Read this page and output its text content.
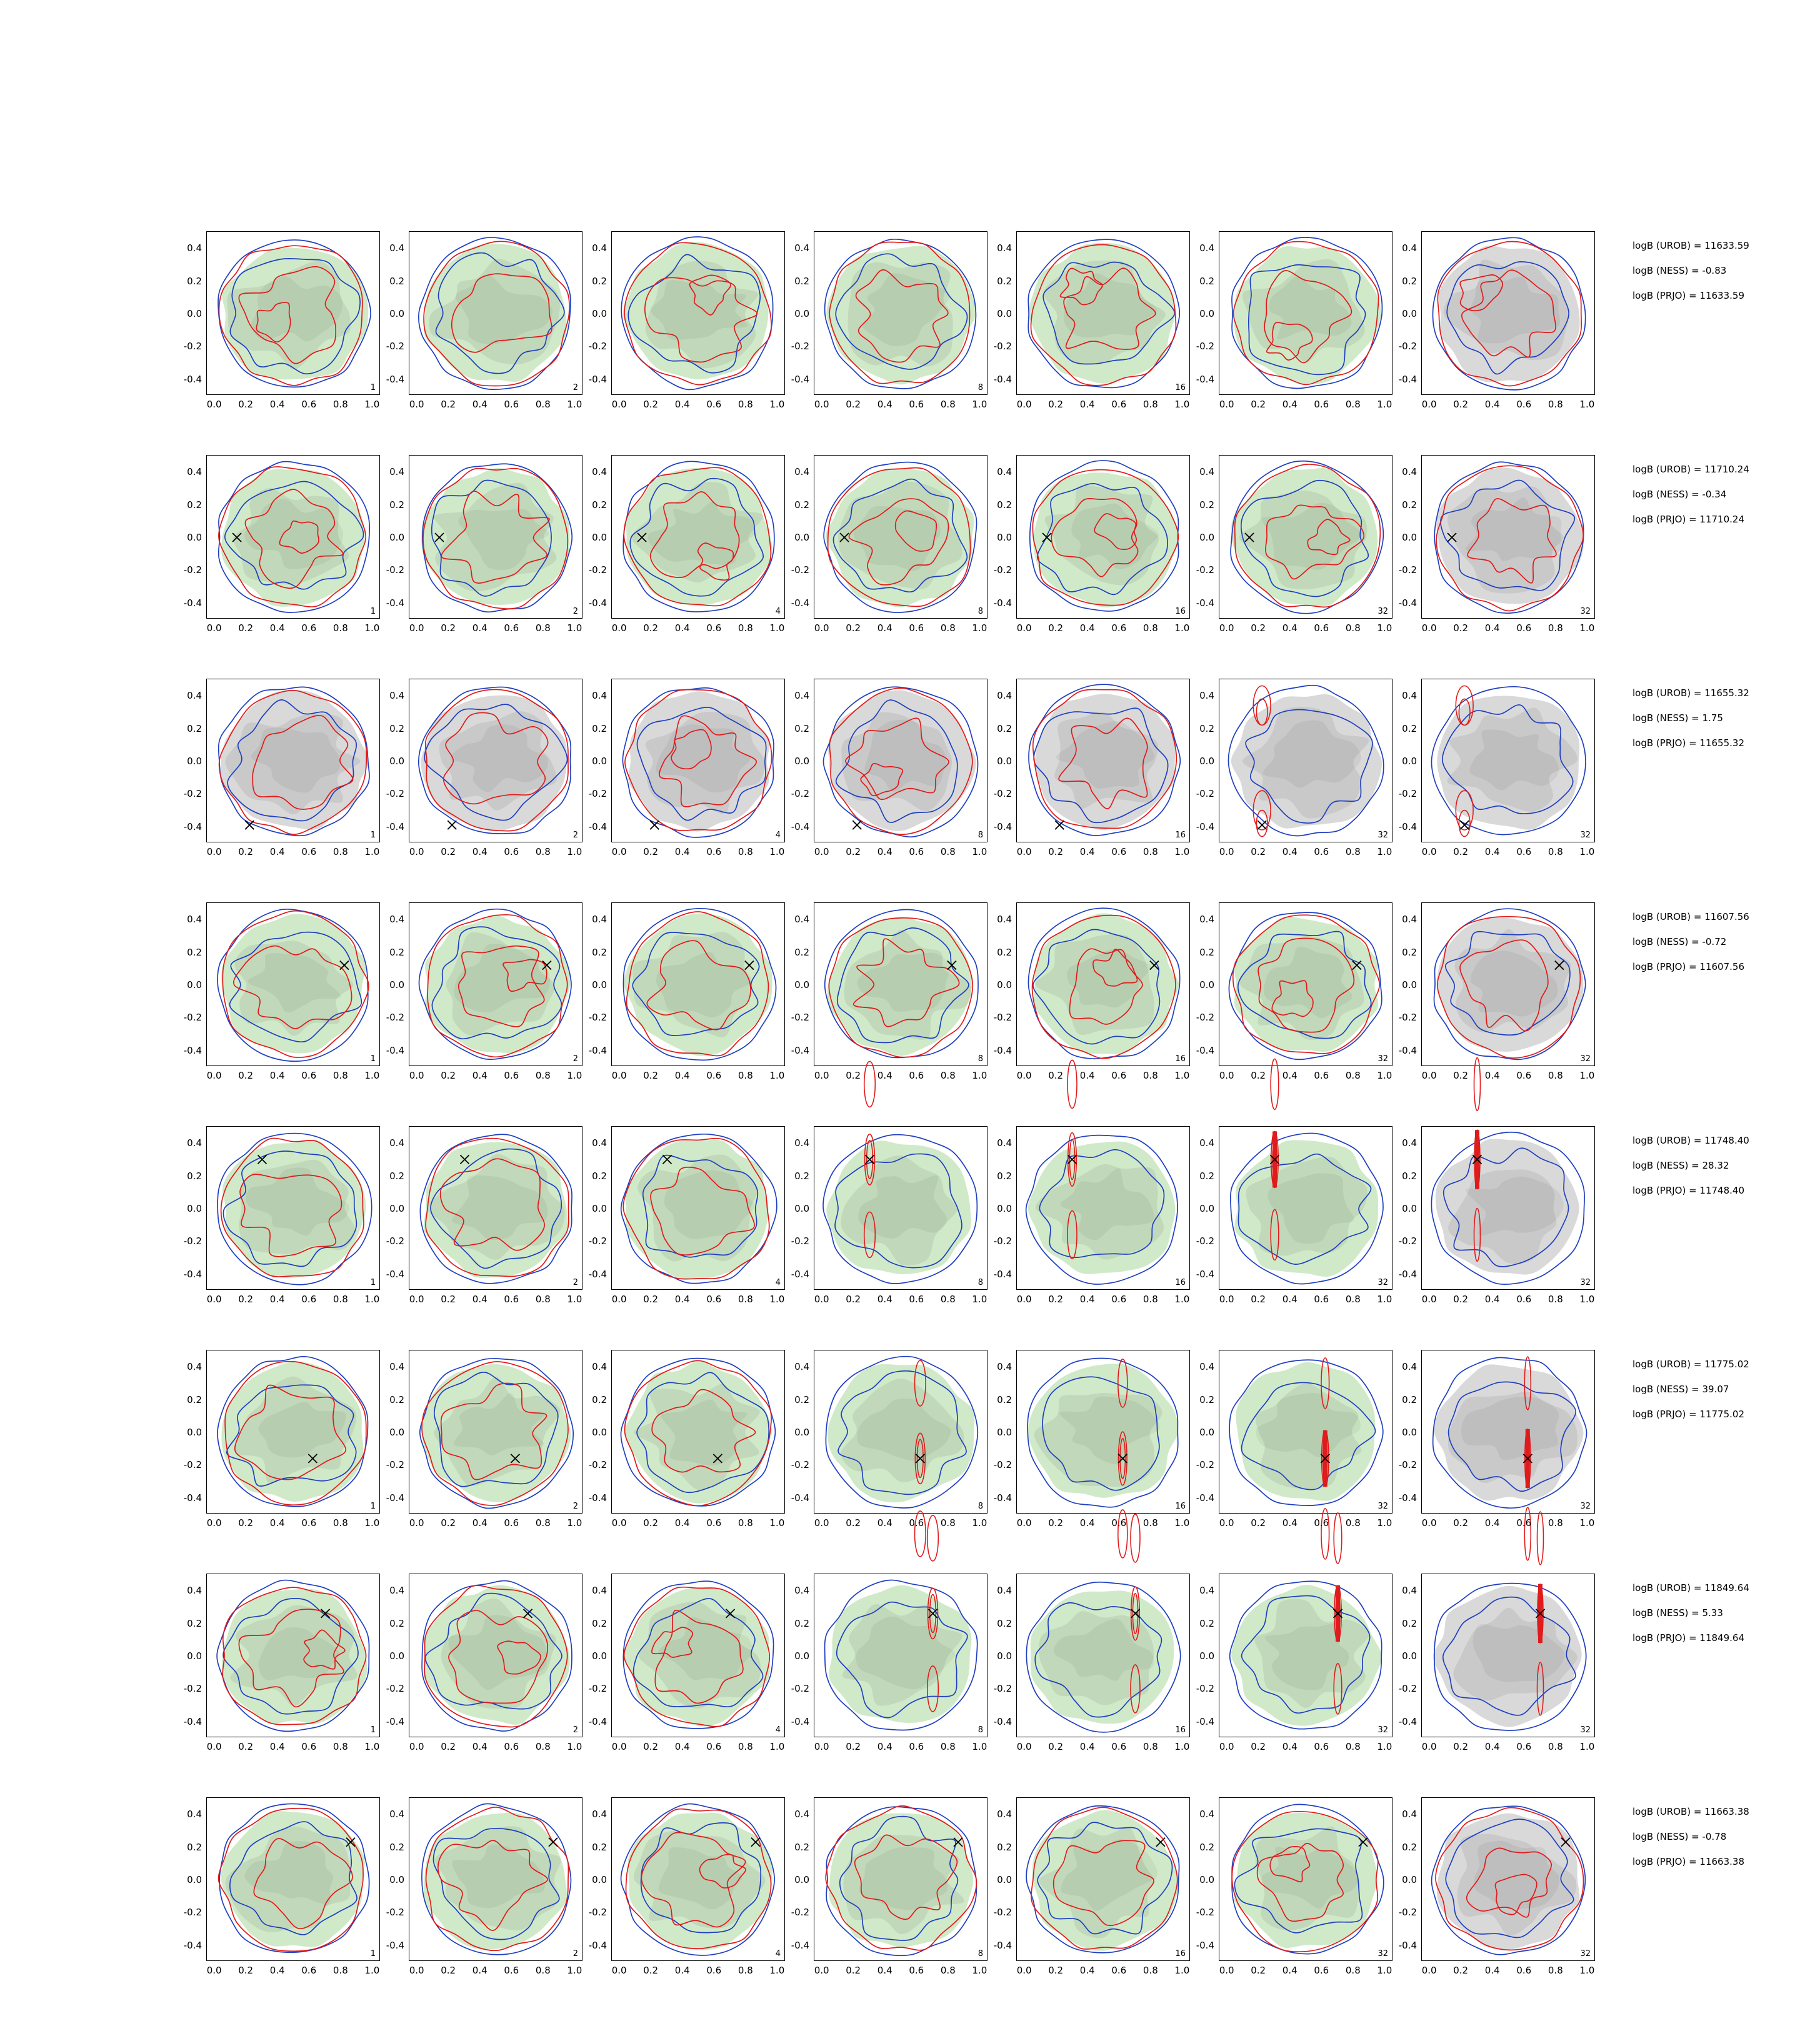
1
-0.4
-0.2
0.0
0.2
0.4
0.0 0.2 0.4 0.6 0.8 1.0
2
-0.4
-0.2
0.0
0.2
0.4
0.0 0.2 0.4 0.6 0.8 1.0
-0.4
-0.2
0.0
0.2
0.4
0.0 0.2 0.4 0.6 0.8 1.0
8
-0.4
-0.2
0.0
0.2
0.4
0.0 0.2 0.4 0.6 0.8 1.0
16
-0.4
-0.2
0.0
0.2
0.4
0.0 0.2 0.4 0.6 0.8 1.0
-0.4
-0.2
0.0
0.2
0.4
0.0 0.2 0.4 0.6 0.8 1.0
-0.4
-0.2
0.0
0.2
0.4
0.0 0.2 0.4 0.6 0.8 1.0
logB (UROB) = 11633.59
logB (NESS) = -0.83
logB (PRJO) = 11633.59
1
-0.4
-0.2
0.0
0.2
0.4
0.0 0.2 0.4 0.6 0.8 1.0
2
-0.4
-0.2
0.0
0.2
0.4
0.0 0.2 0.4 0.6 0.8 1.0
4
-0.4
-0.2
0.0
0.2
0.4
0.0 0.2 0.4 0.6 0.8 1.0
8
-0.4
-0.2
0.0
0.2
0.4
0.0 0.2 0.4 0.6 0.8 1.0
16
-0.4
-0.2
0.0
0.2
0.4
0.0 0.2 0.4 0.6 0.8 1.0
32
-0.4
-0.2
0.0
0.2
0.4
0.0 0.2 0.4 0.6 0.8 1.0
32
-0.4
-0.2
0.0
0.2
0.4
0.0 0.2 0.4 0.6 0.8 1.0
logB (UROB) = 11710.24
logB (NESS) = -0.34
logB (PRJO) = 11710.24
1
-0.4
-0.2
0.0
0.2
0.4
0.0 0.2 0.4 0.6 0.8 1.0
2
-0.4
-0.2
0.0
0.2
0.4
0.0 0.2 0.4 0.6 0.8 1.0
4
-0.4
-0.2
0.0
0.2
0.4
0.0 0.2 0.4 0.6 0.8 1.0
8
-0.4
-0.2
0.0
0.2
0.4
0.0 0.2 0.4 0.6 0.8 1.0
16
-0.4
-0.2
0.0
0.2
0.4
0.0 0.2 0.4 0.6 0.8 1.0
32
-0.4
-0.2
0.0
0.2
0.4
0.0 0.2 0.4 0.6 0.8 1.0
32
-0.4
-0.2
0.0
0.2
0.4
0.0 0.2 0.4 0.6 0.8 1.0
logB (UROB) = 11655.32
logB (NESS) = 1.75
logB (PRJO) = 11655.32
1
-0.4
-0.2
0.0
0.2
0.4
0.0 0.2 0.4 0.6 0.8 1.0
2
-0.4
-0.2
0.0
0.2
0.4
0.0 0.2 0.4 0.6 0.8 1.0
-0.4
-0.2
0.0
0.2
0.4
0.0 0.2 0.4 0.6 0.8 1.0
8
-0.4
-0.2
0.0
0.2
0.4
0.0 0.2 0.4 0.6 0.8 1.0
16
-0.4
-0.2
0.0
0.2
0.4
0.0 0.2 0.4 0.6 0.8 1.0
32
-0.4
-0.2
0.0
0.2
0.4
0.0 0.2 0.4 0.6 0.8 1.0
32
-0.4
-0.2
0.0
0.2
0.4
0.0 0.2 0.4 0.6 0.8 1.0
logB (UROB) = 11607.56
logB (NESS) = -0.72
logB (PRJO) = 11607.56
1
-0.4
-0.2
0.0
0.2
0.4
0.0 0.2 0.4 0.6 0.8 1.0
2
-0.4
-0.2
0.0
0.2
0.4
0.0 0.2 0.4 0.6 0.8 1.0
4
-0.4
-0.2
0.0
0.2
0.4
0.0 0.2 0.4 0.6 0.8 1.0
8
-0.4
-0.2
0.0
0.2
0.4
0.0 0.2 0.4 0.6 0.8 1.0
16
-0.4
-0.2
0.0
0.2
0.4
0.0 0.2 0.4 0.6 0.8 1.0
32
-0.4
-0.2
0.0
0.2
0.4
0.0 0.2 0.4 0.6 0.8 1.0
32
-0.4
-0.2
0.0
0.2
0.4
0.0 0.2 0.4 0.6 0.8 1.0
logB (UROB) = 11748.40
logB (NESS) = 28.32
logB (PRJO) = 11748.40
1
-0.4
-0.2
0.0
0.2
0.4
0.0 0.2 0.4 0.6 0.8 1.0
2
-0.4
-0.2
0.0
0.2
0.4
0.0 0.2 0.4 0.6 0.8 1.0
-0.4
-0.2
0.0
0.2
0.4
0.0 0.2 0.4 0.6 0.8 1.0
8
-0.4
-0.2
0.0
0.2
0.4
0.0 0.2 0.4 0.6 0.8 1.0
16
-0.4
-0.2
0.0
0.2
0.4
0.0 0.2 0.4 0.6 0.8 1.0
32
-0.4
-0.2
0.0
0.2
0.4
0.0 0.2 0.4 0.6 0.8 1.0
32
-0.4
-0.2
0.0
0.2
0.4
0.0 0.2 0.4 0.6 0.8 1.0
logB (UROB) = 11775.02
logB (NESS) = 39.07
logB (PRJO) = 11775.02
1
-0.4
-0.2
0.0
0.2
0.4
0.0 0.2 0.4 0.6 0.8 1.0
2
-0.4
-0.2
0.0
0.2
0.4
0.0 0.2 0.4 0.6 0.8 1.0
4
-0.4
-0.2
0.0
0.2
0.4
0.0 0.2 0.4 0.6 0.8 1.0
8
-0.4
-0.2
0.0
0.2
0.4
0.0 0.2 0.4 0.6 0.8 1.0
16
-0.4
-0.2
0.0
0.2
0.4
0.0 0.2 0.4 0.6 0.8 1.0
32
-0.4
-0.2
0.0
0.2
0.4
0.0 0.2 0.4 0.6 0.8 1.0
32
-0.4
-0.2
0.0
0.2
0.4
0.0 0.2 0.4 0.6 0.8 1.0
logB (UROB) = 11849.64
logB (NESS) = 5.33
logB (PRJO) = 11849.64
1
-0.4
-0.2
0.0
0.2
0.4
0.0 0.2 0.4 0.6 0.8 1.0
2
-0.4
-0.2
0.0
0.2
0.4
0.0 0.2 0.4 0.6 0.8 1.0
4
-0.4
-0.2
0.0
0.2
0.4
0.0 0.2 0.4 0.6 0.8 1.0
8
-0.4
-0.2
0.0
0.2
0.4
0.0 0.2 0.4 0.6 0.8 1.0
16
-0.4
-0.2
0.0
0.2
0.4
0.0 0.2 0.4 0.6 0.8 1.0
32
-0.4
-0.2
0.0
0.2
0.4
0.0 0.2 0.4 0.6 0.8 1.0
32
-0.4
-0.2
0.0
0.2
0.4
0.0 0.2 0.4 0.6 0.8 1.0
logB (UROB) = 11663.38
logB (NESS) = -0.78
logB (PRJO) = 11663.38
